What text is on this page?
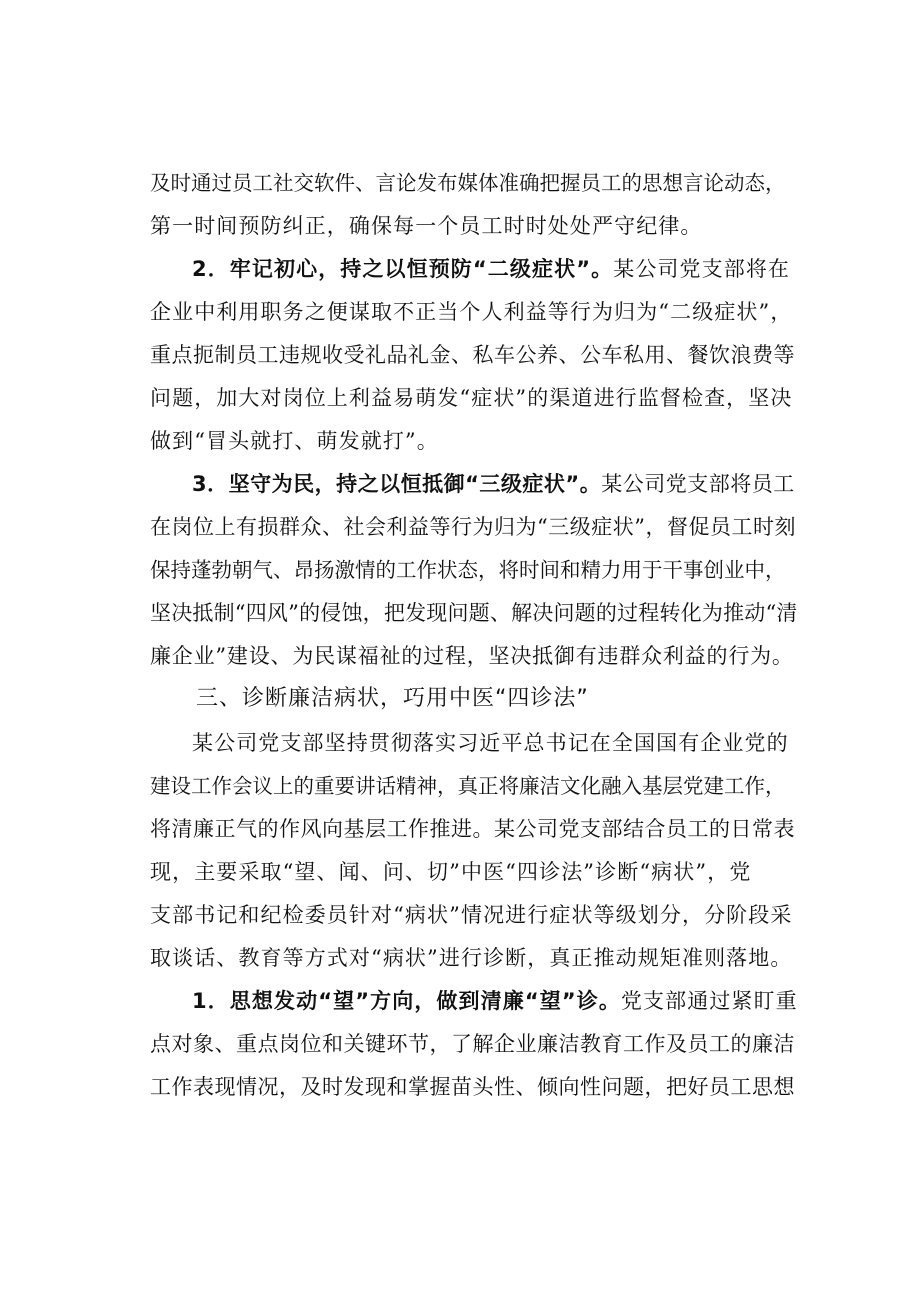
及时通过员工社交软件、言论发布媒体准确把握员工的思想言论动态，
第一时间预防纠正，确保每一个员工时时处处严守纪律。
2．牢记初心，持之以恒预防“二级症状”。某公司党支部将在
企业中利用职务之便谋取不正当个人利益等行为归为“二级症状”，
重点扼制员工违规收受礼品礼金、私车公养、公车私用、餐饮浪费等
问题，加大对岗位上利益易萌发“症状”的渠道进行监督检查，坚决
做到“冒头就打、萌发就打”。
3．坚守为民，持之以恒抵御“三级症状”。某公司党支部将员工
在岗位上有损群众、社会利益等行为归为“三级症状”，督促员工时刻
保持蓬勃朝气、昂扬激情的工作状态，将时间和精力用于干事创业中，
坚决抵制“四风”的侵蚀，把发现问题、解决问题的过程转化为推动“清
廉企业”建设、为民谋福祉的过程，坚决抵御有违群众利益的行为。
三、诊断廉洁病状，巧用中医“四诊法”
某公司党支部坚持贯彻落实习近平总书记在全国国有企业党的
建设工作会议上的重要讲话精神，真正将廉洁文化融入基层党建工作，
将清廉正气的作风向基层工作推进。某公司党支部结合员工的日常表
现，主要采取“望、闻、问、切”中医“四诊法”诊断“病状”，党
支部书记和纪检委员针对“病状”情况进行症状等级划分，分阶段采
取谈话、教育等方式对“病状”进行诊断，真正推动规矩准则落地。
1．思想发动“望”方向，做到清廉“望”诊。党支部通过紧盯重
点对象、重点岗位和关键环节，了解企业廉洁教育工作及员工的廉洁
工作表现情况，及时发现和掌握苗头性、倾向性问题，把好员工思想
